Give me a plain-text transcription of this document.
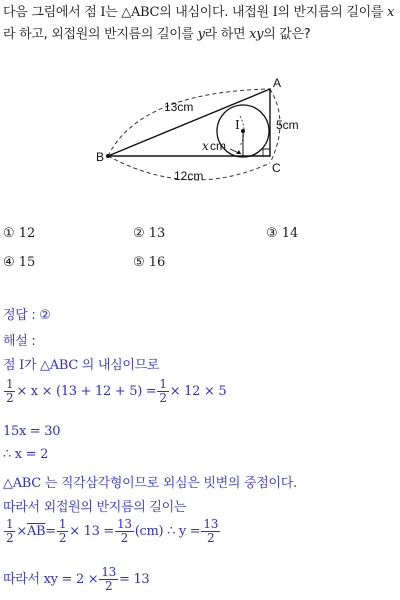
다음 그림에서 점 I는 △ABC의 내심이다. 내접원 I의 반지름의 길이를 x라 하고, 외접원의 반지름의 길이를 y라 하면 xy의 값은?
A
B
C
I
13cm
12cm
5cm
x cm
① 12	② 13	③ 14
④ 15	⑤ 16
정답 : ②
해설 :
점 I가 △ABC 의 내심이므로
$\frac{1}{2} \times x \times (13 + 12 + 5) = \frac{1}{2} \times 12 \times 5$
15x = 30
∴ x = 2
△ABC 는 직각삼각형이므로 외심은 빗변의 중점이다.
따라서 외접원의 반지름의 길이는
$\frac{1}{2} \times\overline{AB}= \frac{1}{2} \times 13 = \frac{13}{2} (cm)$ ∴ $y = \frac{13}{2}$
따라서 xy = $2 \times \frac{13}{2} = 13$
